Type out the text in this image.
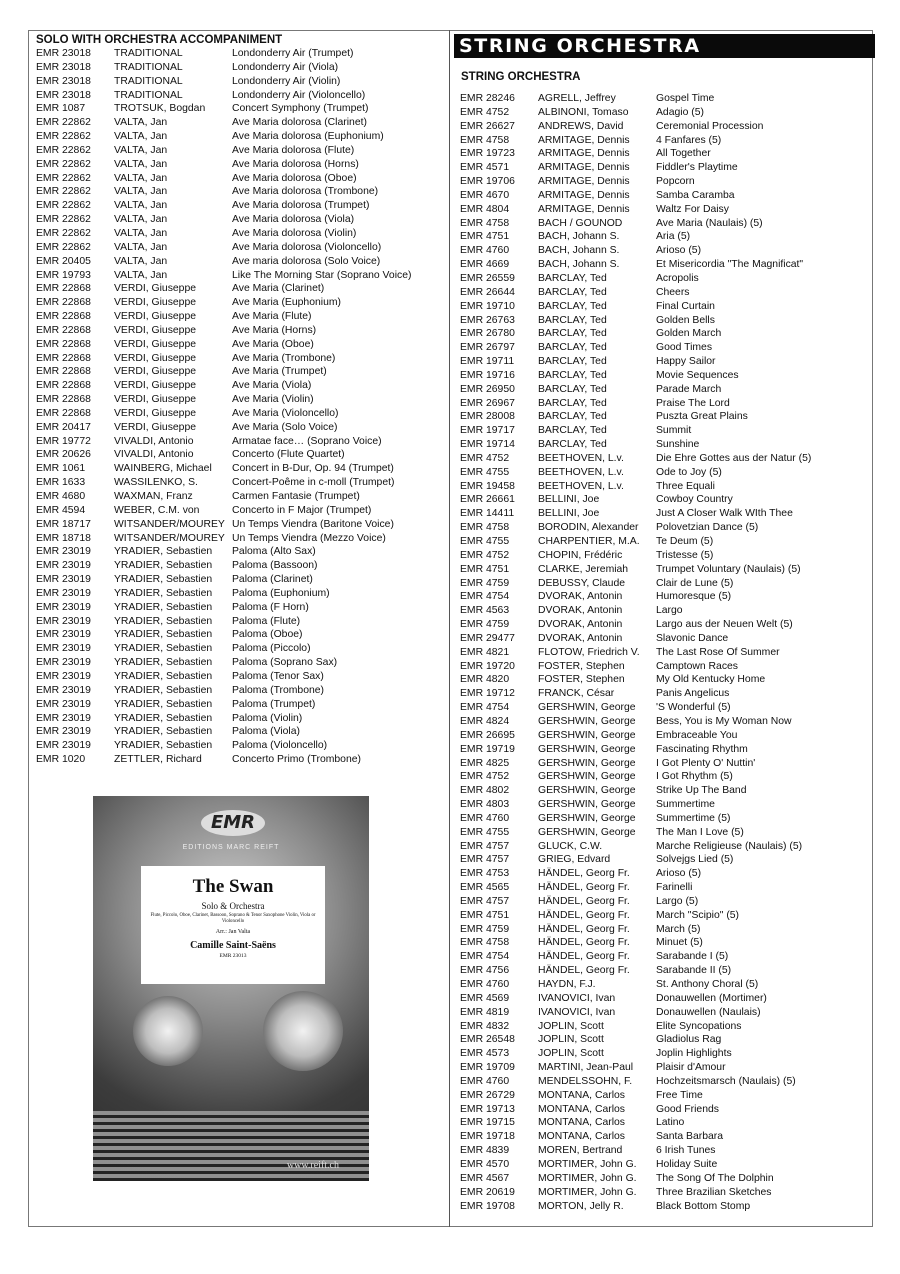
SOLO WITH ORCHESTRA ACCOMPANIMENT
EMR 23018	TRADITIONAL	Londonderry Air (Trumpet)
EMR 23018	TRADITIONAL	Londonderry Air (Viola)
EMR 23018	TRADITIONAL	Londonderry Air (Violin)
EMR 23018	TRADITIONAL	Londonderry Air (Violoncello)
EMR 1087	TROTSUK, Bogdan	Concert Symphony (Trumpet)
EMR 22862	VALTA, Jan	Ave Maria dolorosa (Clarinet)
EMR 22862	VALTA, Jan	Ave Maria dolorosa (Euphonium)
EMR 22862	VALTA, Jan	Ave Maria dolorosa (Flute)
EMR 22862	VALTA, Jan	Ave Maria dolorosa (Horns)
EMR 22862	VALTA, Jan	Ave Maria dolorosa (Oboe)
EMR 22862	VALTA, Jan	Ave Maria dolorosa (Trombone)
EMR 22862	VALTA, Jan	Ave Maria dolorosa (Trumpet)
EMR 22862	VALTA, Jan	Ave Maria dolorosa (Viola)
EMR 22862	VALTA, Jan	Ave Maria dolorosa (Violin)
EMR 22862	VALTA, Jan	Ave Maria dolorosa (Violoncello)
EMR 20405	VALTA, Jan	Ave maria dolorosa (Solo Voice)
EMR 19793	VALTA, Jan	Like The Morning Star (Soprano Voice)
EMR 22868	VERDI, Giuseppe	Ave Maria (Clarinet)
EMR 22868	VERDI, Giuseppe	Ave Maria (Euphonium)
EMR 22868	VERDI, Giuseppe	Ave Maria (Flute)
EMR 22868	VERDI, Giuseppe	Ave Maria (Horns)
EMR 22868	VERDI, Giuseppe	Ave Maria (Oboe)
EMR 22868	VERDI, Giuseppe	Ave Maria (Trombone)
EMR 22868	VERDI, Giuseppe	Ave Maria (Trumpet)
EMR 22868	VERDI, Giuseppe	Ave Maria (Viola)
EMR 22868	VERDI, Giuseppe	Ave Maria (Violin)
EMR 22868	VERDI, Giuseppe	Ave Maria (Violoncello)
EMR 20417	VERDI, Giuseppe	Ave Maria (Solo Voice)
EMR 19772	VIVALDI, Antonio	Armatae face… (Soprano Voice)
EMR 20626	VIVALDI, Antonio	Concerto (Flute Quartet)
EMR 1061	WAINBERG, Michael	Concert in B-Dur, Op. 94 (Trumpet)
EMR 1633	WASSILENKO, S.	Concert-Poême in c-moll (Trumpet)
EMR 4680	WAXMAN, Franz	Carmen Fantasie (Trumpet)
EMR 4594	WEBER, C.M. von	Concerto in F Major (Trumpet)
EMR 18717	WITSANDER/MOUREY Un Temps Viendra (Baritone Voice)
EMR 18718	WITSANDER/MOUREY Un Temps Viendra (Mezzo Voice)
EMR 23019	YRADIER, Sebastien	Paloma (Alto Sax)
EMR 23019	YRADIER, Sebastien	Paloma (Bassoon)
EMR 23019	YRADIER, Sebastien	Paloma (Clarinet)
EMR 23019	YRADIER, Sebastien	Paloma (Euphonium)
EMR 23019	YRADIER, Sebastien	Paloma (F Horn)
EMR 23019	YRADIER, Sebastien	Paloma (Flute)
EMR 23019	YRADIER, Sebastien	Paloma (Oboe)
EMR 23019	YRADIER, Sebastien	Paloma (Piccolo)
EMR 23019	YRADIER, Sebastien	Paloma (Soprano Sax)
EMR 23019	YRADIER, Sebastien	Paloma (Tenor Sax)
EMR 23019	YRADIER, Sebastien	Paloma (Trombone)
EMR 23019	YRADIER, Sebastien	Paloma (Trumpet)
EMR 23019	YRADIER, Sebastien	Paloma (Violin)
EMR 23019	YRADIER, Sebastien	Paloma (Viola)
EMR 23019	YRADIER, Sebastien	Paloma (Violoncello)
EMR 1020	ZETTLER, Richard	Concerto Primo (Trombone)
EMR
EDITIONS MARC REIFT
The Swan
Solo & Orchestra
Flute, Piccolo, Oboe, Clarinet, Bassoon, Soprano & Tenor Saxophone Violin, Viola or Violoncello
Arr.: Jan Valta
Camille Saint-Saëns
EMR 23013
www.reift.ch
STRING ORCHESTRA
STRING ORCHESTRA
EMR 28246	AGRELL, Jeffrey	Gospel Time
EMR 4752	ALBINONI, Tomaso	Adagio (5)
EMR 26627	ANDREWS, David	Ceremonial Procession
EMR 4758	ARMITAGE, Dennis	4 Fanfares (5)
EMR 19723	ARMITAGE, Dennis	All Together
EMR 4571	ARMITAGE, Dennis	Fiddler's Playtime
EMR 19706	ARMITAGE, Dennis	Popcorn
EMR 4670	ARMITAGE, Dennis	Samba Caramba
EMR 4804	ARMITAGE, Dennis	Waltz For Daisy
EMR 4758	BACH / GOUNOD	Ave Maria (Naulais) (5)
EMR 4751	BACH, Johann S.	Aria (5)
EMR 4760	BACH, Johann S.	Arioso (5)
EMR 4669	BACH, Johann S.	Et Misericordia "The Magnificat"
EMR 26559	BARCLAY, Ted	Acropolis
EMR 26644	BARCLAY, Ted	Cheers
EMR 19710	BARCLAY, Ted	Final Curtain
EMR 26763	BARCLAY, Ted	Golden Bells
EMR 26780	BARCLAY, Ted	Golden March
EMR 26797	BARCLAY, Ted	Good Times
EMR 19711	BARCLAY, Ted	Happy Sailor
EMR 19716	BARCLAY, Ted	Movie Sequences
EMR 26950	BARCLAY, Ted	Parade March
EMR 26967	BARCLAY, Ted	Praise The Lord
EMR 28008	BARCLAY, Ted	Puszta Great Plains
EMR 19717	BARCLAY, Ted	Summit
EMR 19714	BARCLAY, Ted	Sunshine
EMR 4752	BEETHOVEN, L.v.	Die Ehre Gottes aus der Natur (5)
EMR 4755	BEETHOVEN, L.v.	Ode to Joy (5)
EMR 19458	BEETHOVEN, L.v.	Three Equali
EMR 26661	BELLINI, Joe	Cowboy Country
EMR 14411	BELLINI, Joe	Just A Closer Walk WIth Thee
EMR 4758	BORODIN, Alexander	Polovetzian Dance (5)
EMR 4755	CHARPENTIER, M.A.	Te Deum (5)
EMR 4752	CHOPIN, Frédéric	Tristesse (5)
EMR 4751	CLARKE, Jeremiah	Trumpet Voluntary (Naulais) (5)
EMR 4759	DEBUSSY, Claude	Clair de Lune (5)
EMR 4754	DVORAK, Antonin	Humoresque (5)
EMR 4563	DVORAK, Antonin	Largo
EMR 4759	DVORAK, Antonin	Largo aus der Neuen Welt (5)
EMR 29477	DVORAK, Antonin	Slavonic Dance
EMR 4821	FLOTOW, Friedrich V.	The Last Rose Of Summer
EMR 19720	FOSTER, Stephen	Camptown Races
EMR 4820	FOSTER, Stephen	My Old Kentucky Home
EMR 19712	FRANCK, César	Panis Angelicus
EMR 4754	GERSHWIN, George	'S Wonderful (5)
EMR 4824	GERSHWIN, George	Bess, You is My Woman Now
EMR 26695	GERSHWIN, George	Embraceable You
EMR 19719	GERSHWIN, George	Fascinating Rhythm
EMR 4825	GERSHWIN, George	I Got Plenty O' Nuttin'
EMR 4752	GERSHWIN, George	I Got Rhythm (5)
EMR 4802	GERSHWIN, George	Strike Up The Band
EMR 4803	GERSHWIN, George	Summertime
EMR 4760	GERSHWIN, George	Summertime (5)
EMR 4755	GERSHWIN, George	The Man I Love (5)
EMR 4757	GLUCK, C.W.	Marche Religieuse (Naulais) (5)
EMR 4757	GRIEG, Edvard	Solvejgs Lied (5)
EMR 4753	HÄNDEL, Georg Fr.	Arioso (5)
EMR 4565	HÄNDEL, Georg Fr.	Farinelli
EMR 4757	HÄNDEL, Georg Fr.	Largo (5)
EMR 4751	HÄNDEL, Georg Fr.	March "Scipio" (5)
EMR 4759	HÄNDEL, Georg Fr.	March (5)
EMR 4758	HÄNDEL, Georg Fr.	Minuet (5)
EMR 4754	HÄNDEL, Georg Fr.	Sarabande I (5)
EMR 4756	HÄNDEL, Georg Fr.	Sarabande II (5)
EMR 4760	HAYDN, F.J.	St. Anthony Choral (5)
EMR 4569	IVANOVICI, Ivan	Donauwellen (Mortimer)
EMR 4819	IVANOVICI, Ivan	Donauwellen (Naulais)
EMR 4832	JOPLIN, Scott	Elite Syncopations
EMR 26548	JOPLIN, Scott	Gladiolus Rag
EMR 4573	JOPLIN, Scott	Joplin Highlights
EMR 19709	MARTINI, Jean-Paul	Plaisir d'Amour
EMR 4760	MENDELSSOHN, F.	Hochzeitsmarsch (Naulais) (5)
EMR 26729	MONTANA, Carlos	Free Time
EMR 19713	MONTANA, Carlos	Good Friends
EMR 19715	MONTANA, Carlos	Latino
EMR 19718	MONTANA, Carlos	Santa Barbara
EMR 4839	MOREN, Bertrand	6 Irish Tunes
EMR 4570	MORTIMER, John G.	Holiday Suite
EMR 4567	MORTIMER, John G.	The Song Of The Dolphin
EMR 20619	MORTIMER, John G.	Three Brazilian Sketches
EMR 19708	MORTON, Jelly R.	Black Bottom Stomp
